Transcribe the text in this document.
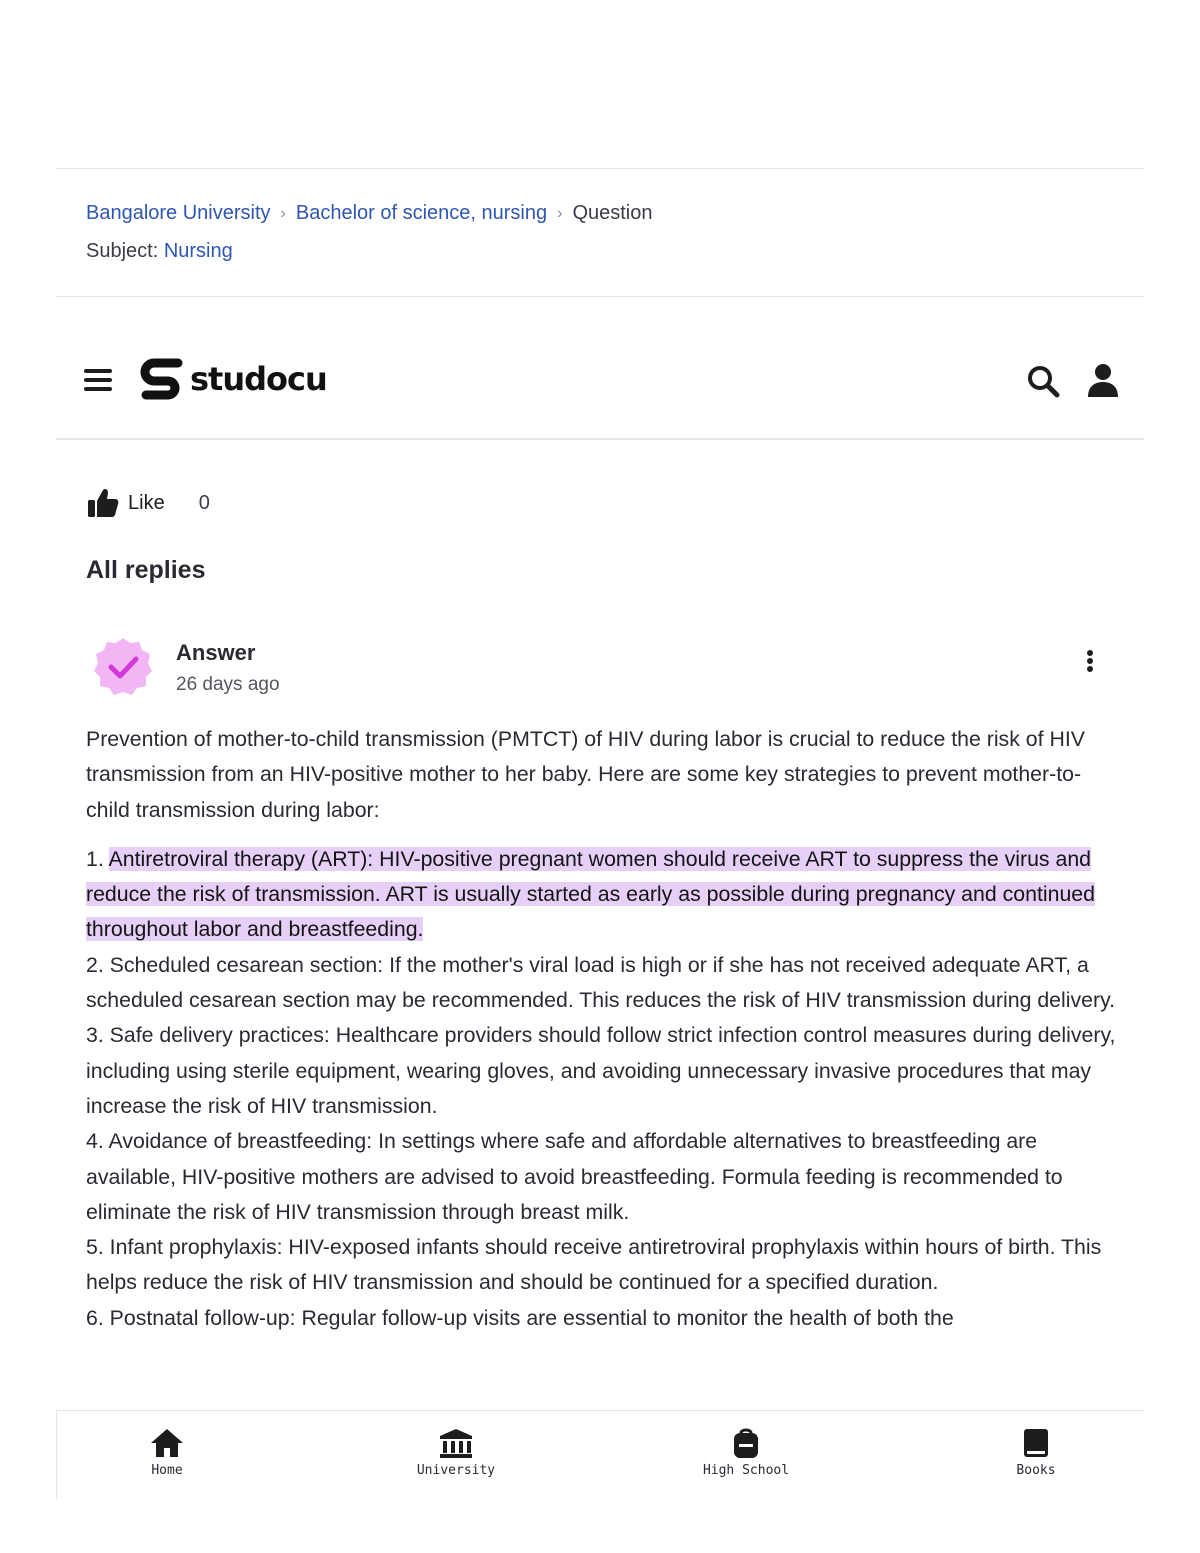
Bangalore University › Bachelor of science, nursing › Question
Subject: Nursing
studocu
Like 0
All replies
Answer
26 days ago

Prevention of mother-to-child transmission (PMTCT) of HIV during labor is crucial to reduce the risk of HIV transmission from an HIV-positive mother to her baby. Here are some key strategies to prevent mother-to-child transmission during labor:

1. Antiretroviral therapy (ART): HIV-positive pregnant women should receive ART to suppress the virus and reduce the risk of transmission. ART is usually started as early as possible during pregnancy and continued throughout labor and breastfeeding.
2. Scheduled cesarean section: If the mother's viral load is high or if she has not received adequate ART, a scheduled cesarean section may be recommended. This reduces the risk of HIV transmission during delivery.
3. Safe delivery practices: Healthcare providers should follow strict infection control measures during delivery, including using sterile equipment, wearing gloves, and avoiding unnecessary invasive procedures that may increase the risk of HIV transmission.
4. Avoidance of breastfeeding: In settings where safe and affordable alternatives to breastfeeding are available, HIV-positive mothers are advised to avoid breastfeeding. Formula feeding is recommended to eliminate the risk of HIV transmission through breast milk.
5. Infant prophylaxis: HIV-exposed infants should receive antiretroviral prophylaxis within hours of birth. This helps reduce the risk of HIV transmission and should be continued for a specified duration.
6. Postnatal follow-up: Regular follow-up visits are essential to monitor the health of both the
Home	University	High School	Books
